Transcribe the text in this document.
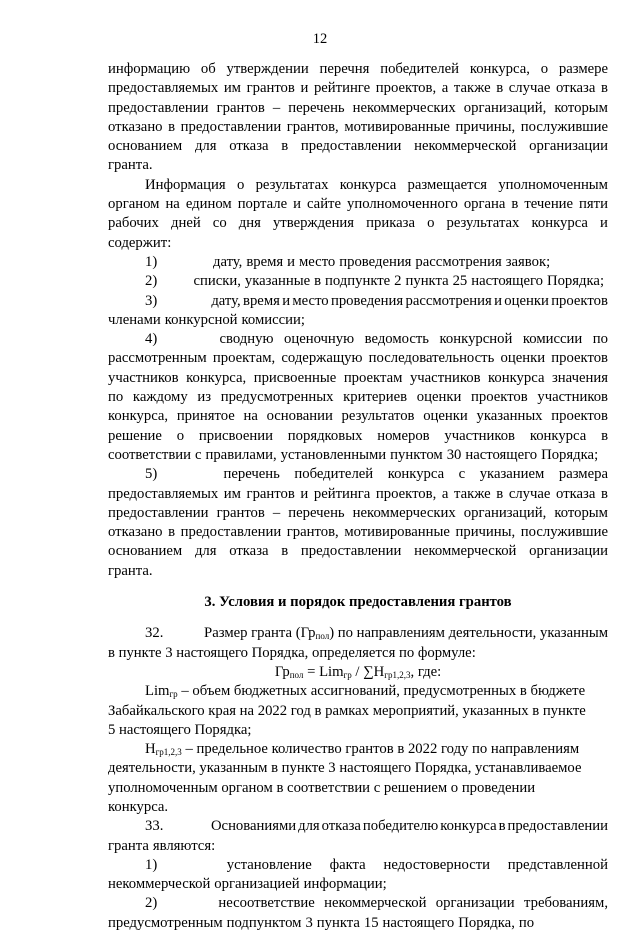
12
информацию об утверждении перечня победителей конкурса, о размере
предоставляемых им грантов и рейтинге проектов, а также в случае отказа в
предоставлении грантов – перечень некоммерческих организаций, которым
отказано в предоставлении грантов, мотивированные причины, послужившие
основанием для отказа в предоставлении некоммерческой организации
гранта.
Информация о результатах конкурса размещается уполномоченным
органом на едином портале и сайте уполномоченного органа в течение пяти
рабочих дней со дня утверждения приказа о результатах конкурса и
содержит:
1)	дату, время и место проведения рассмотрения заявок;
2)	списки, указанные в подпункте 2 пункта 25 настоящего Порядка;
3)	дату, время и место проведения рассмотрения и оценки проектов
членами конкурсной комиссии;
4)	сводную оценочную ведомость конкурсной комиссии по
рассмотренным проектам, содержащую последовательность оценки проектов
участников конкурса, присвоенные проектам участников конкурса значения
по каждому из предусмотренных критериев оценки проектов участников
конкурса, принятое на основании результатов оценки указанных проектов
решение о присвоении порядковых номеров участников конкурса в
соответствии с правилами, установленными пунктом 30 настоящего Порядка;
5)	перечень победителей конкурса с указанием размера
предоставляемых им грантов и рейтинга проектов, а также в случае отказа в
предоставлении грантов – перечень некоммерческих организаций, которым
отказано в предоставлении грантов, мотивированные причины, послужившие
основанием для отказа в предоставлении некоммерческой организации
гранта.
3. Условия и порядок предоставления грантов
32.	Размер гранта $(Гр_{пол})$ по направлениям деятельности, указанным
в пункте 3 настоящего Порядка, определяется по формуле:
$Гр_{пол} = Lim_{гр} / \sum Н_{гр1,2,3}$, где:
Lim$_{гр}$ – объем бюджетных ассигнований, предусмотренных в бюджете
Забайкальского края на 2022 год в рамках мероприятий, указанных в пункте
5 настоящего Порядка;
$Н_{гр1,2,3}$ – предельное количество грантов в 2022 году по направлениям
деятельности, указанным в пункте 3 настоящего Порядка, устанавливаемое
уполномоченным органом в соответствии с решением о проведении
конкурса.
33.	Основаниями для отказа победителю конкурса в предоставлении
гранта являются:
1)	установление факта недостоверности представленной
некоммерческой организацией информации;
2)	несоответствие некоммерческой организации требованиям,
предусмотренным подпунктом 3 пункта 15 настоящего Порядка, по
